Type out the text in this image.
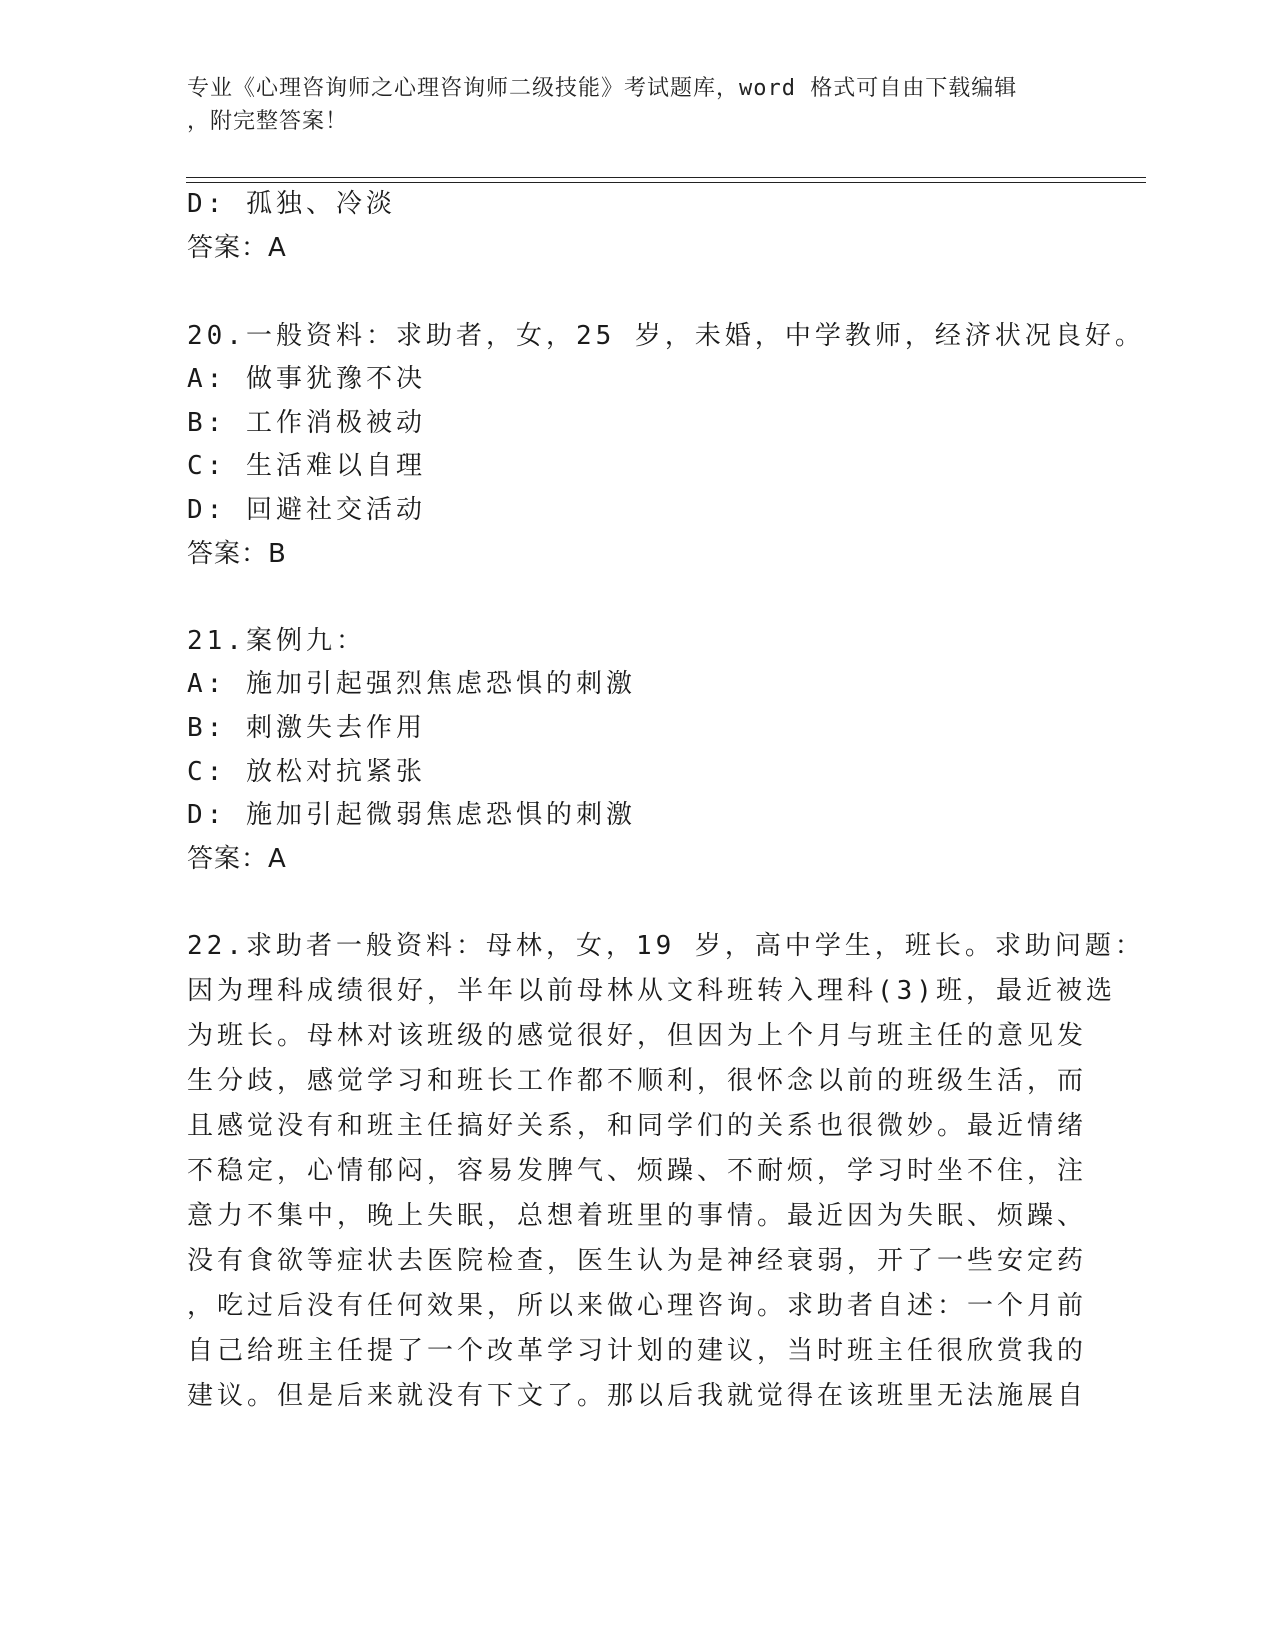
专业《心理咨询师之心理咨询师二级技能》考试题库，word 格式可自由下载编辑
，附完整答案！
D: 孤独、冷淡
答案：A
20.一般资料：求助者，女，25 岁，未婚，中学教师，经济状况良好。
A: 做事犹豫不决
B: 工作消极被动
C: 生活难以自理
D: 回避社交活动
答案：B
21.案例九：
A: 施加引起强烈焦虑恐惧的刺激
B: 刺激失去作用
C: 放松对抗紧张
D: 施加引起微弱焦虑恐惧的刺激
答案：A
22.求助者一般资料：母林，女，19 岁，高中学生，班长。求助问题：
因为理科成绩很好，半年以前母林从文科班转入理科(3)班，最近被选
为班长。母林对该班级的感觉很好，但因为上个月与班主任的意见发
生分歧，感觉学习和班长工作都不顺利，很怀念以前的班级生活，而
且感觉没有和班主任搞好关系，和同学们的关系也很微妙。最近情绪
不稳定，心情郁闷，容易发脾气、烦躁、不耐烦，学习时坐不住，注
意力不集中，晚上失眠，总想着班里的事情。最近因为失眠、烦躁、
没有食欲等症状去医院检查，医生认为是神经衰弱，开了一些安定药
，吃过后没有任何效果，所以来做心理咨询。求助者自述：一个月前
自己给班主任提了一个改革学习计划的建议，当时班主任很欣赏我的
建议。但是后来就没有下文了。那以后我就觉得在该班里无法施展自
